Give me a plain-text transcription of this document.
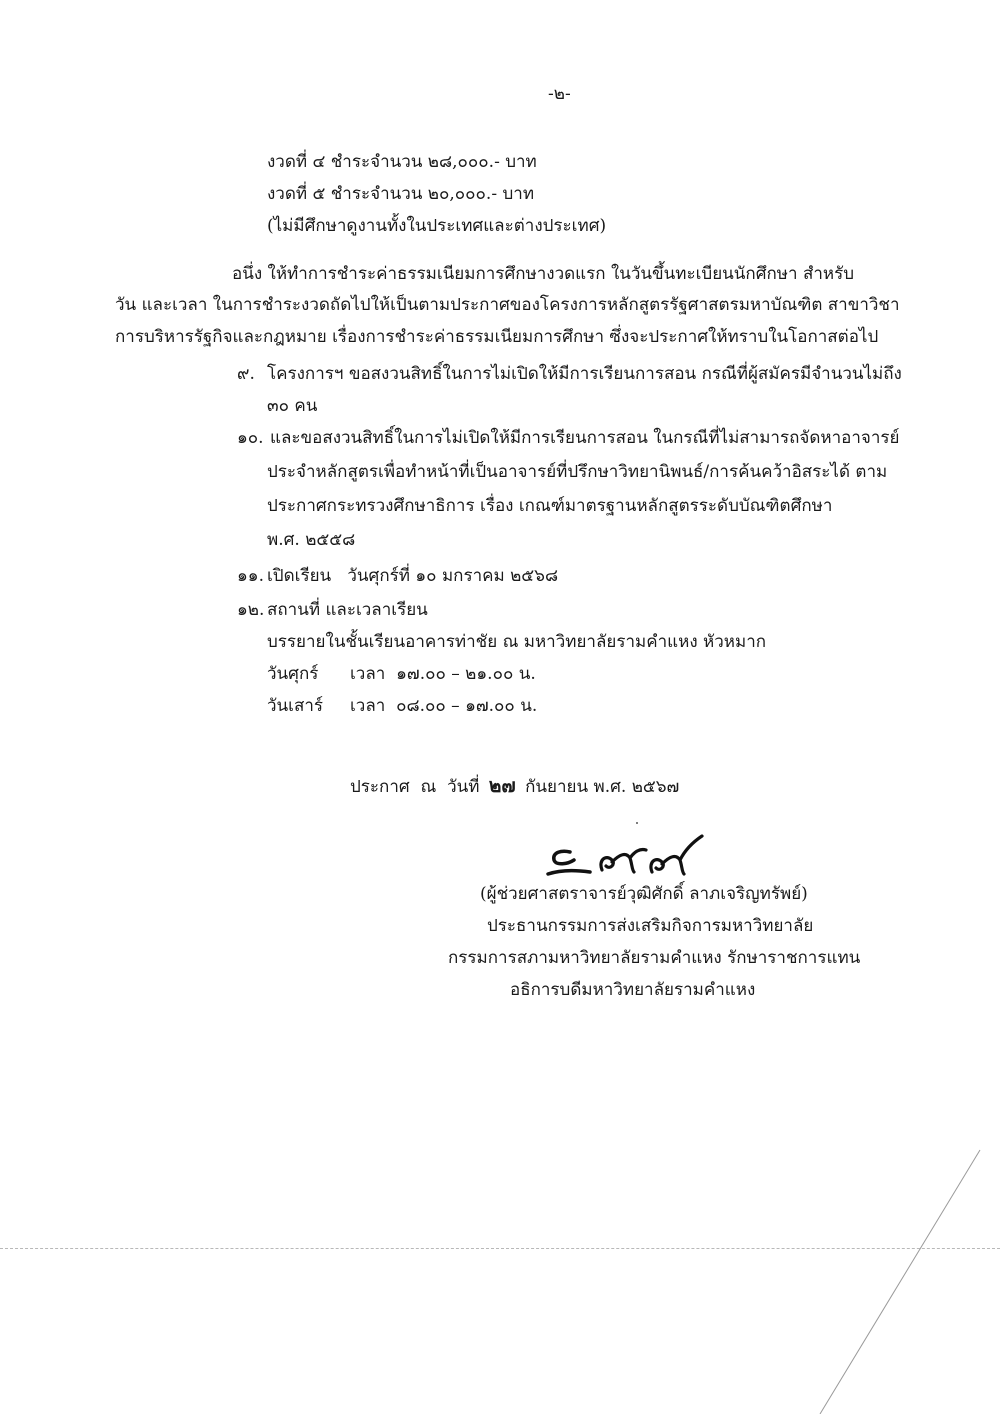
-๒-
งวดที่ ๔ ชำระจำนวน ๒๘,๐๐๐.- บาท
งวดที่ ๕ ชำระจำนวน ๒๐,๐๐๐.- บาท
(ไม่มีศึกษาดูงานทั้งในประเทศและต่างประเทศ)
อนึ่ง ให้ทำการชำระค่าธรรมเนียมการศึกษางวดแรก ในวันขึ้นทะเบียนนักศึกษา สำหรับ
วัน และเวลา ในการชำระงวดถัดไปให้เป็นตามประกาศของโครงการหลักสูตรรัฐศาสตรมหาบัณฑิต สาขาวิชา
การบริหารรัฐกิจและกฎหมาย เรื่องการชำระค่าธรรมเนียมการศึกษา ซึ่งจะประกาศให้ทราบในโอกาสต่อไป
๙. โครงการฯ ขอสงวนสิทธิ์ในการไม่เปิดให้มีการเรียนการสอน กรณีที่ผู้สมัครมีจำนวนไม่ถึง
๓๐ คน
๑๐. และขอสงวนสิทธิ์ในการไม่เปิดให้มีการเรียนการสอน ในกรณีที่ไม่สามารถจัดหาอาจารย์
ประจำหลักสูตรเพื่อทำหน้าที่เป็นอาจารย์ที่ปรึกษาวิทยานิพนธ์/การค้นคว้าอิสระได้ ตาม
ประกาศกระทรวงศึกษาธิการ เรื่อง เกณฑ์มาตรฐานหลักสูตรระดับบัณฑิตศึกษา
พ.ศ. ๒๕๕๘
๑๑. เปิดเรียน   วันศุกร์ที่ ๑๐ มกราคม ๒๕๖๘
๑๒. สถานที่ และเวลาเรียน
บรรยายในชั้นเรียนอาคารท่าชัย ณ มหาวิทยาลัยรามคำแหง หัวหมาก
วันศุกร์ เวลา  ๑๗.๐๐ – ๒๑.๐๐ น.
วันเสาร์ เวลา  ๐๘.๐๐ – ๑๗.๐๐ น.
ประกาศ  ณ  วันที่ ๒๗ กันยายน พ.ศ. ๒๕๖๗
(ผู้ช่วยศาสตราจารย์วุฒิศักดิ์ ลาภเจริญทรัพย์)
ประธานกรรมการส่งเสริมกิจการมหาวิทยาลัย
กรรมการสภามหาวิทยาลัยรามคำแหง รักษาราชการแทน
อธิการบดีมหาวิทยาลัยรามคำแหง
